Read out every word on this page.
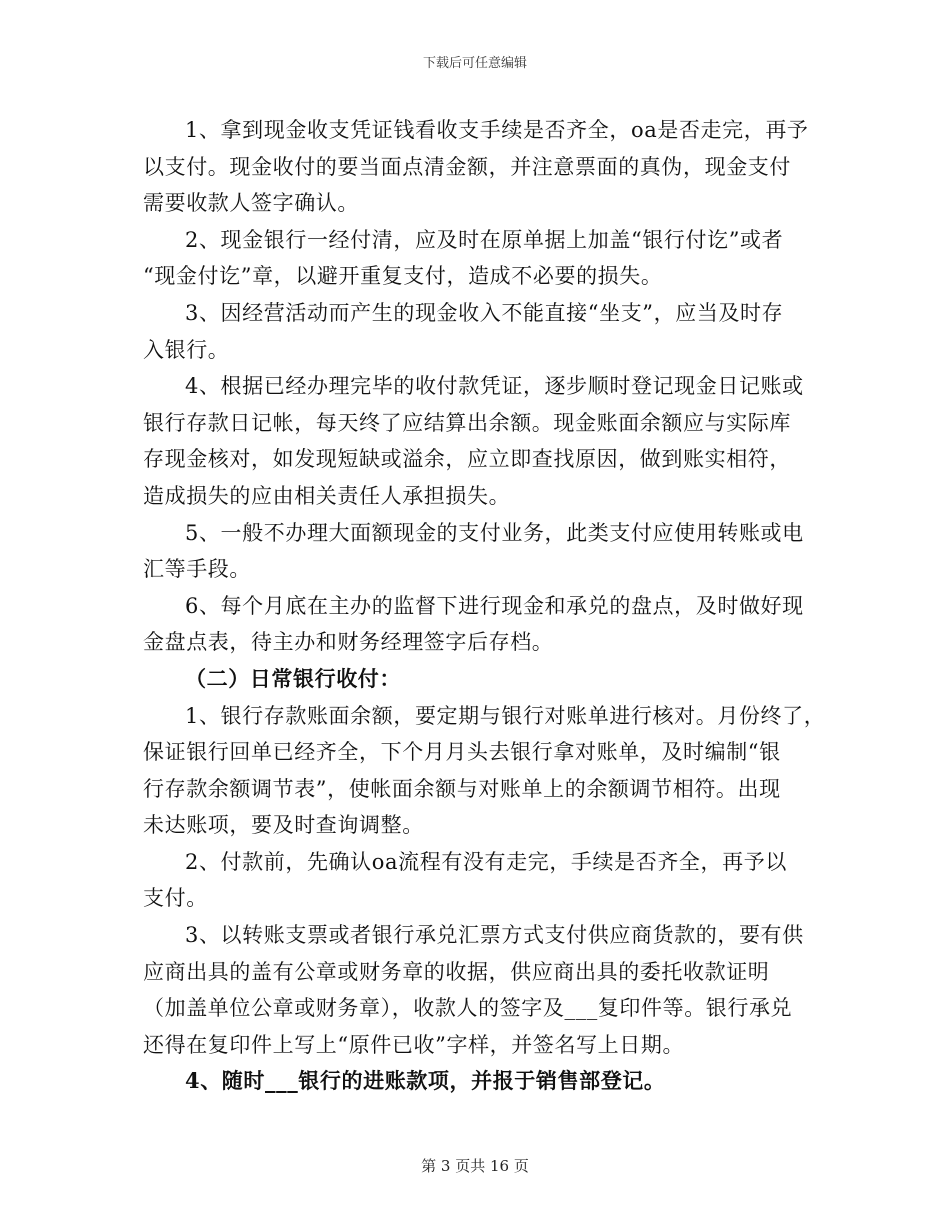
下载后可任意编辑
1、拿到现金收支凭证钱看收支手续是否齐全，oa是否走完，再予
以支付。现金收付的要当面点清金额，并注意票面的真伪，现金支付
需要收款人签字确认。
2、现金银行一经付清，应及时在原单据上加盖“银行付讫”或者
“现金付讫”章，以避开重复支付，造成不必要的损失。
3、因经营活动而产生的现金收入不能直接“坐支”，应当及时存
入银行。
4、根据已经办理完毕的收付款凭证，逐步顺时登记现金日记账或
银行存款日记帐，每天终了应结算出余额。现金账面余额应与实际库
存现金核对，如发现短缺或溢余，应立即查找原因，做到账实相符，
造成损失的应由相关责任人承担损失。
5、一般不办理大面额现金的支付业务，此类支付应使用转账或电
汇等手段。
6、每个月底在主办的监督下进行现金和承兑的盘点，及时做好现
金盘点表，待主办和财务经理签字后存档。
（二）日常银行收付：
1、银行存款账面余额，要定期与银行对账单进行核对。月份终了，
保证银行回单已经齐全，下个月月头去银行拿对账单，及时编制“银
行存款余额调节表”，使帐面余额与对账单上的余额调节相符。出现
未达账项，要及时查询调整。
2、付款前，先确认oa流程有没有走完，手续是否齐全，再予以
支付。
3、以转账支票或者银行承兑汇票方式支付供应商货款的，要有供
应商出具的盖有公章或财务章的收据，供应商出具的委托收款证明
（加盖单位公章或财务章），收款人的签字及___复印件等。银行承兑
还得在复印件上写上“原件已收”字样，并签名写上日期。
4、随时___银行的进账款项，并报于销售部登记。
第 3 页共 16 页
